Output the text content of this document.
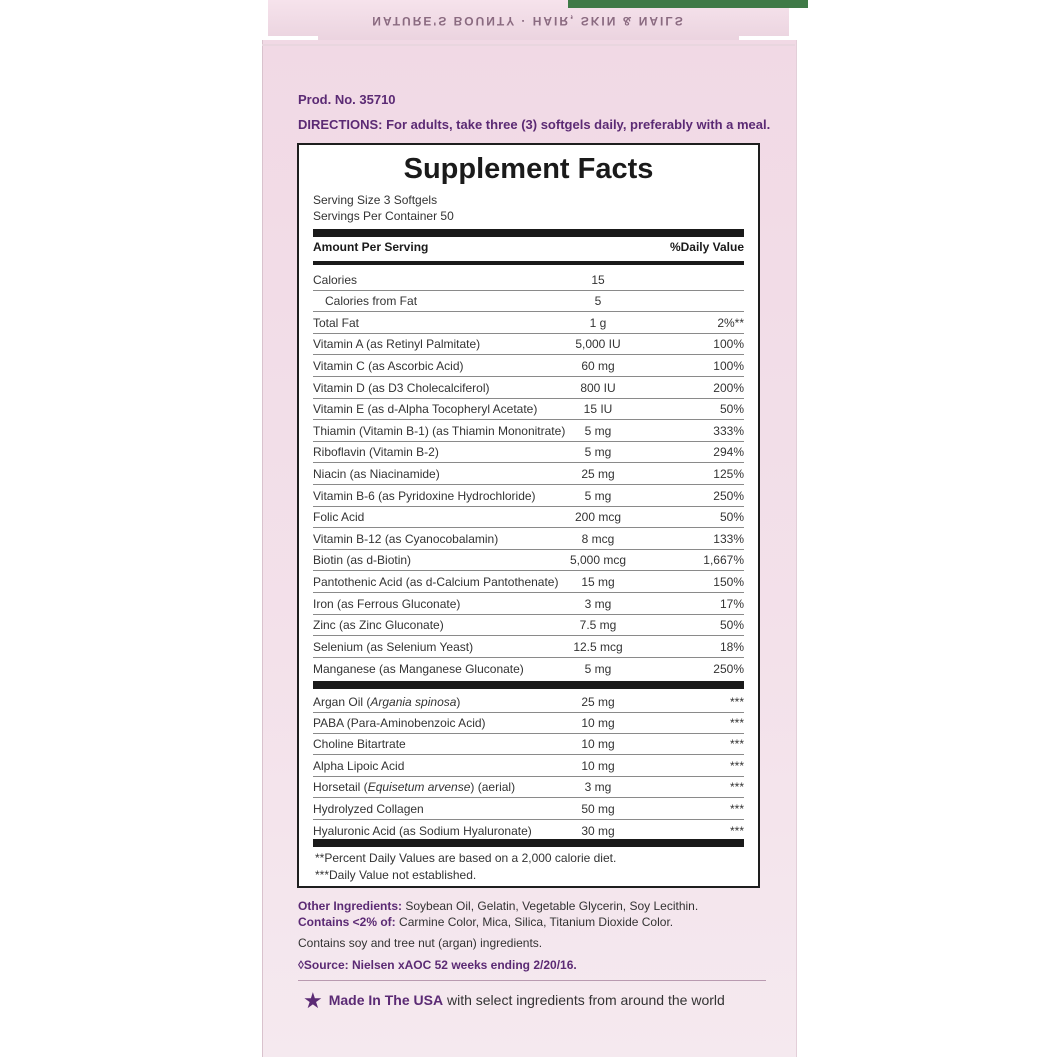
NATURE'S BOUNTY · HAIR, SKIN & NAILS
Prod. No. 35710
DIRECTIONS: For adults, take three (3) softgels daily, preferably with a meal.
Supplement Facts
Serving Size 3 Softgels
Servings Per Container 50
Amount Per Serving	%Daily Value
Calories	15
Calories from Fat	5
Total Fat	1 g	2%**
Vitamin A (as Retinyl Palmitate)	5,000 IU	100%
Vitamin C (as Ascorbic Acid)	60 mg	100%
Vitamin D (as D3 Cholecalciferol)	800 IU	200%
Vitamin E (as d-Alpha Tocopheryl Acetate)	15 IU	50%
Thiamin (Vitamin B-1) (as Thiamin Mononitrate)	5 mg	333%
Riboflavin (Vitamin B-2)	5 mg	294%
Niacin (as Niacinamide)	25 mg	125%
Vitamin B-6 (as Pyridoxine Hydrochloride)	5 mg	250%
Folic Acid	200 mcg	50%
Vitamin B-12 (as Cyanocobalamin)	8 mcg	133%
Biotin (as d-Biotin)	5,000 mcg	1,667%
Pantothenic Acid (as d-Calcium Pantothenate)	15 mg	150%
Iron (as Ferrous Gluconate)	3 mg	17%
Zinc (as Zinc Gluconate)	7.5 mg	50%
Selenium (as Selenium Yeast)	12.5 mcg	18%
Manganese (as Manganese Gluconate)	5 mg	250%
Argan Oil (Argania spinosa)	25 mg	***
PABA (Para-Aminobenzoic Acid)	10 mg	***
Choline Bitartrate	10 mg	***
Alpha Lipoic Acid	10 mg	***
Horsetail (Equisetum arvense) (aerial)	3 mg	***
Hydrolyzed Collagen	50 mg	***
Hyaluronic Acid (as Sodium Hyaluronate)	30 mg	***
**Percent Daily Values are based on a 2,000 calorie diet.
***Daily Value not established.
Other Ingredients: Soybean Oil, Gelatin, Vegetable Glycerin, Soy Lecithin.
Contains <2% of: Carmine Color, Mica, Silica, Titanium Dioxide Color.
Contains soy and tree nut (argan) ingredients.
◊Source: Nielsen xAOC 52 weeks ending 2/20/16.
★ Made In The USA with select ingredients from around the world
